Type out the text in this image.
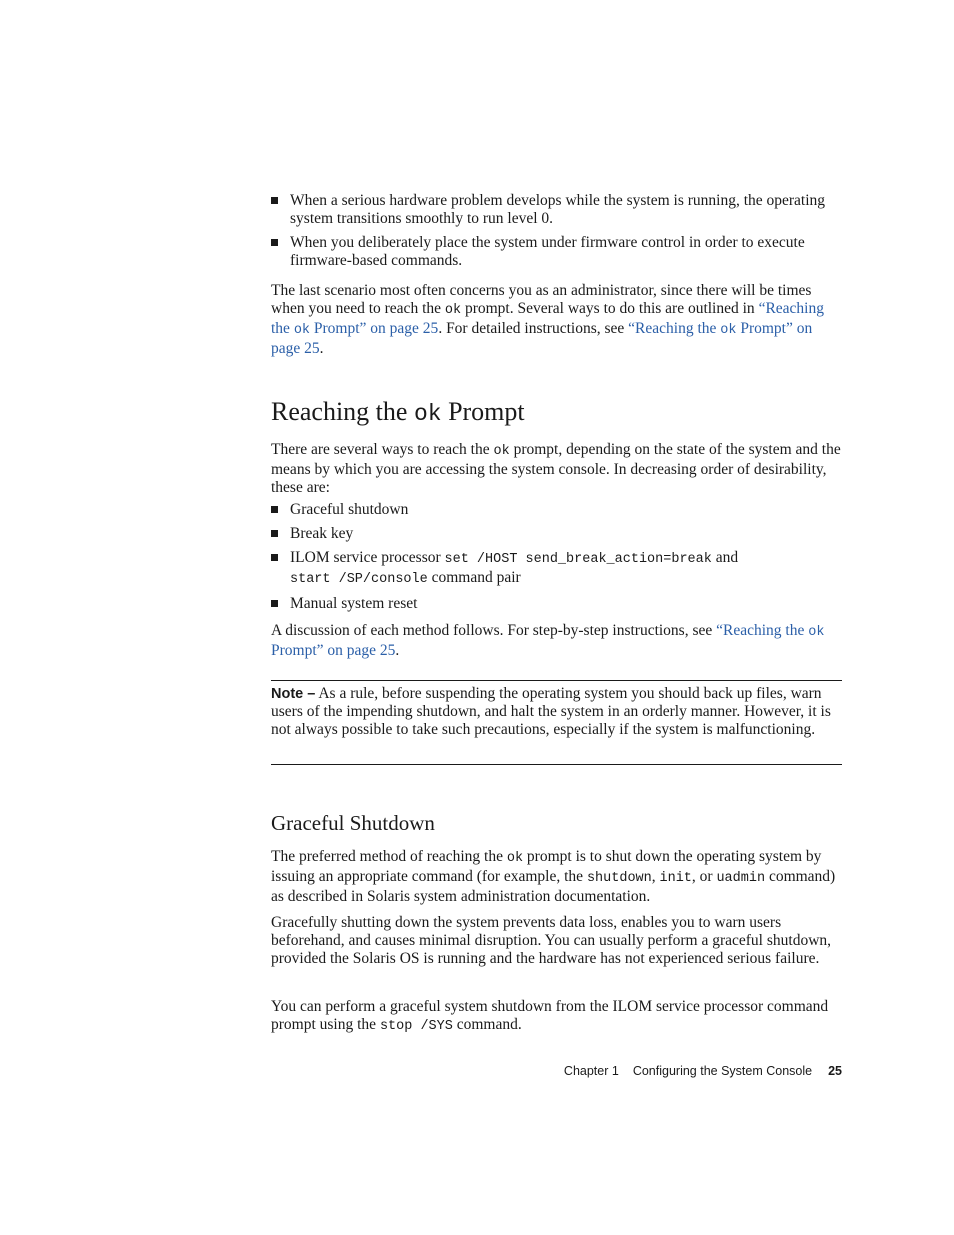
When a serious hardware problem develops while the system is running, the operating system transitions smoothly to run level 0.
When you deliberately place the system under firmware control in order to execute firmware-based commands.

The last scenario most often concerns you as an administrator, since there will be times when you need to reach the ok prompt. Several ways to do this are outlined in “Reaching the ok Prompt” on page 25. For detailed instructions, see “Reaching the ok Prompt” on page 25.

Reaching the ok Prompt

There are several ways to reach the ok prompt, depending on the state of the system and the means by which you are accessing the system console. In decreasing order of desirability, these are:

Graceful shutdown
Break key
ILOM service processor set /HOST send_break_action=break and
start /SP/console command pair
Manual system reset

A discussion of each method follows. For step-by-step instructions, see “Reaching the ok Prompt” on page 25.

Note – As a rule, before suspending the operating system you should back up files, warn users of the impending shutdown, and halt the system in an orderly manner. However, it is not always possible to take such precautions, especially if the system is malfunctioning.

Graceful Shutdown

The preferred method of reaching the ok prompt is to shut down the operating system by issuing an appropriate command (for example, the shutdown, init, or uadmin command) as described in Solaris system administration documentation.

Gracefully shutting down the system prevents data loss, enables you to warn users beforehand, and causes minimal disruption. You can usually perform a graceful shutdown, provided the Solaris OS is running and the hardware has not experienced serious failure.

You can perform a graceful system shutdown from the ILOM service processor command prompt using the stop /SYS command.

Chapter 1 Configuring the System Console 25
